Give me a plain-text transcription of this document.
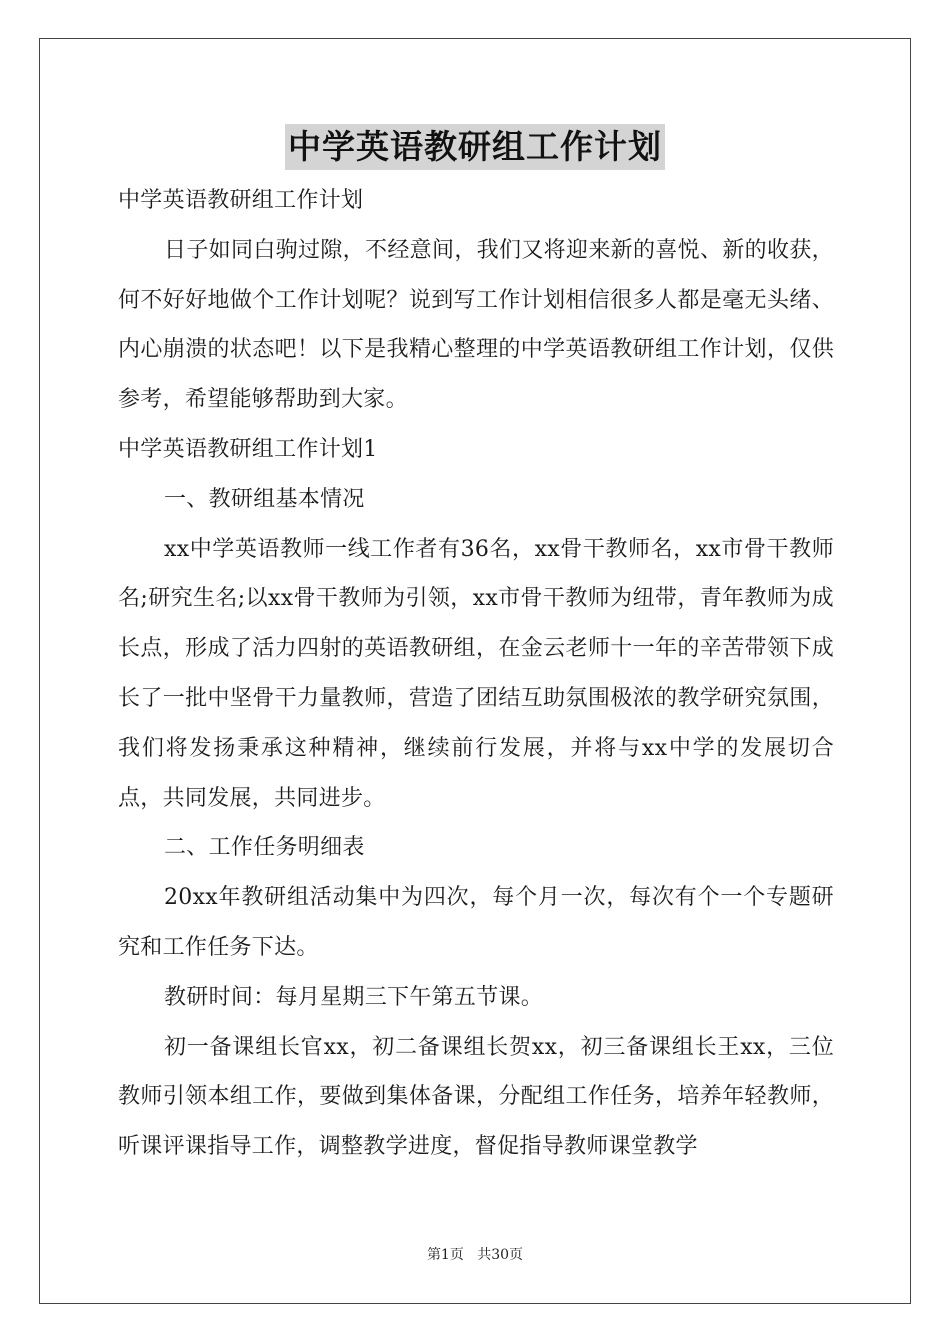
中学英语教研组工作计划

中学英语教研组工作计划

日子如同白驹过隙，不经意间，我们又将迎来新的喜悦、新的收获，何不好好地做个工作计划呢？说到写工作计划相信很多人都是毫无头绪、内心崩溃的状态吧！以下是我精心整理的中学英语教研组工作计划，仅供参考，希望能够帮助到大家。

中学英语教研组工作计划1

一、教研组基本情况

xx中学英语教师一线工作者有36名，xx骨干教师名，xx市骨干教师名;研究生名;以xx骨干教师为引领，xx市骨干教师为纽带，青年教师为成长点，形成了活力四射的英语教研组，在金云老师十一年的辛苦带领下成长了一批中坚骨干力量教师，营造了团结互助氛围极浓的教学研究氛围，我们将发扬秉承这种精神，继续前行发展，并将与xx中学的发展切合点，共同发展，共同进步。

二、工作任务明细表

20xx年教研组活动集中为四次，每个月一次，每次有个一个专题研究和工作任务下达。

教研时间：每月星期三下午第五节课。

初一备课组长官xx，初二备课组长贺xx，初三备课组长王xx，三位教师引领本组工作，要做到集体备课，分配组工作任务，培养年轻教师，听课评课指导工作，调整教学进度，督促指导教师课堂教学

第1页 共30页
